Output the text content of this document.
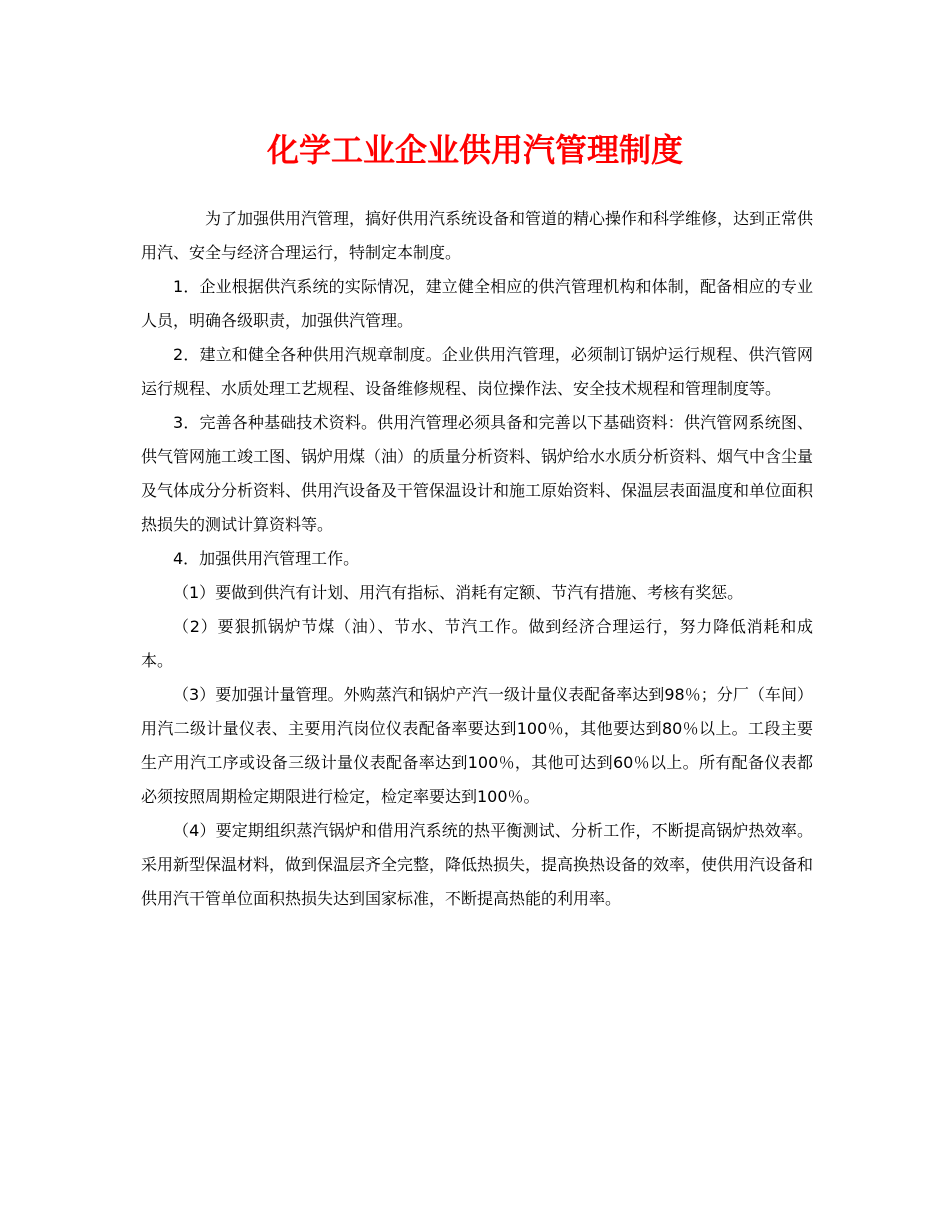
化学工业企业供用汽管理制度

为了加强供用汽管理，搞好供用汽系统设备和管道的精心操作和科学维修，达到正常供用汽、安全与经济合理运行，特制定本制度。

1．企业根据供汽系统的实际情况，建立健全相应的供汽管理机构和体制，配备相应的专业人员，明确各级职责，加强供汽管理。

2．建立和健全各种供用汽规章制度。企业供用汽管理，必须制订锅炉运行规程、供汽管网运行规程、水质处理工艺规程、设备维修规程、岗位操作法、安全技术规程和管理制度等。

3．完善各种基础技术资料。供用汽管理必须具备和完善以下基础资料：供汽管网系统图、供气管网施工竣工图、锅炉用煤（油）的质量分析资料、锅炉给水水质分析资料、烟气中含尘量及气体成分分析资料、供用汽设备及干管保温设计和施工原始资料、保温层表面温度和单位面积热损失的测试计算资料等。

4．加强供用汽管理工作。

（1）要做到供汽有计划、用汽有指标、消耗有定额、节汽有措施、考核有奖惩。

（2）要狠抓锅炉节煤（油）、节水、节汽工作。做到经济合理运行，努力降低消耗和成本。

（3）要加强计量管理。外购蒸汽和锅炉产汽一级计量仪表配备率达到98％；分厂（车间）用汽二级计量仪表、主要用汽岗位仪表配备率要达到100％，其他要达到80％以上。工段主要生产用汽工序或设备三级计量仪表配备率达到100％，其他可达到60％以上。所有配备仪表都必须按照周期检定期限进行检定，检定率要达到100％。

（4）要定期组织蒸汽锅炉和借用汽系统的热平衡测试、分析工作，不断提高锅炉热效率。采用新型保温材料，做到保温层齐全完整，降低热损失，提高换热设备的效率，使供用汽设备和供用汽干管单位面积热损失达到国家标准，不断提高热能的利用率。
